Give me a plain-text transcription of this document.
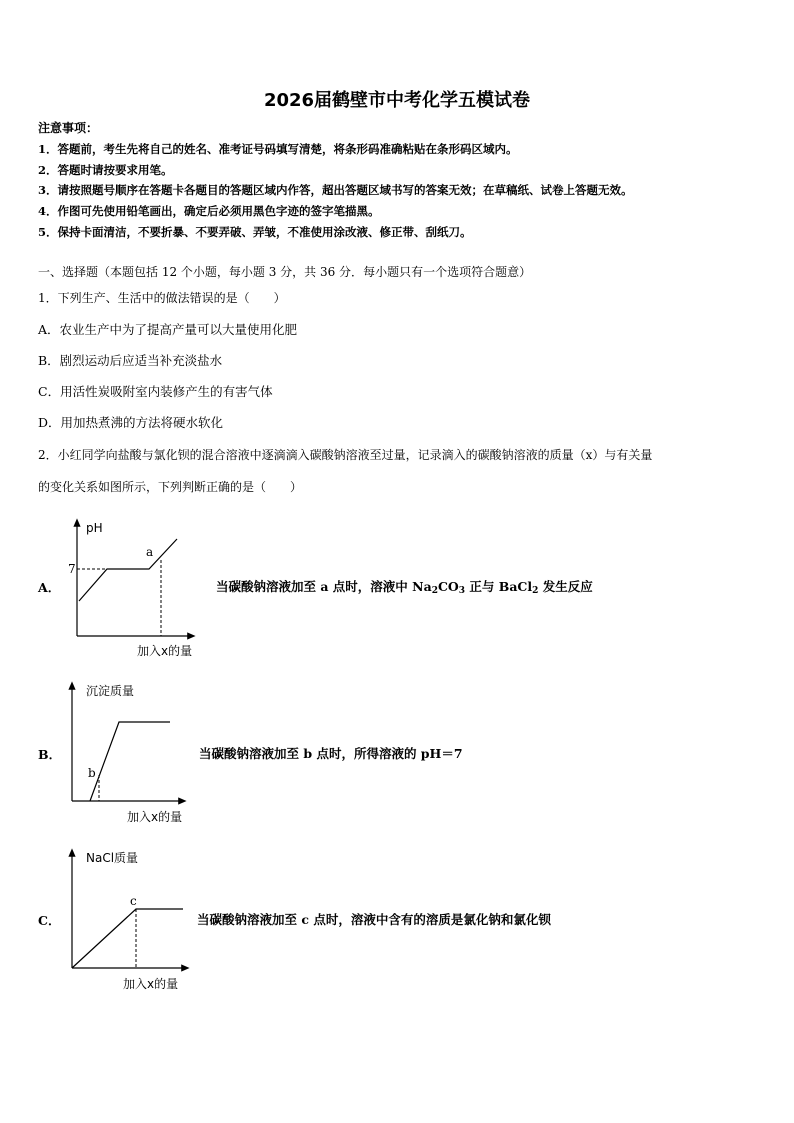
2026届鹤壁市中考化学五模试卷
注意事项：
1．答题前，考生先将自己的姓名、准考证号码填写清楚，将条形码准确粘贴在条形码区域内。
2．答题时请按要求用笔。
3．请按照题号顺序在答题卡各题目的答题区域内作答，超出答题区域书写的答案无效；在草稿纸、试卷上答题无效。
4．作图可先使用铅笔画出，确定后必须用黑色字迹的签字笔描黑。
5．保持卡面清洁，不要折暴、不要弄破、弄皱，不准使用涂改液、修正带、刮纸刀。
一、选择题（本题包括 12 个小题，每小题 3 分，共 36 分．每小题只有一个选项符合题意）
1．下列生产、生活中的做法错误的是（　　）
A．农业生产中为了提高产量可以大量使用化肥
B．剧烈运动后应适当补充淡盐水
C．用活性炭吸附室内装修产生的有害气体
D．用加热煮沸的方法将硬水软化
2．小红同学向盐酸与氯化钡的混合溶液中逐滴滴入碳酸钠溶液至过量，记录滴入的碳酸钠溶液的质量（x）与有关量
的变化关系如图所示，下列判断正确的是（　　）
A．
pH
7
a
加入x的量
沉淀质量
b
加入x的量
NaCl质量
c
加入x的量
当碳酸钠溶液加至 a 点时，溶液中 $Na_2CO_3$ 正与 BaCl$_2$ 发生反应
B．	当碳酸钠溶液加至 b 点时，所得溶液的 pH＝7
C．	当碳酸钠溶液加至 c 点时，溶液中含有的溶质是氯化钠和氯化钡
